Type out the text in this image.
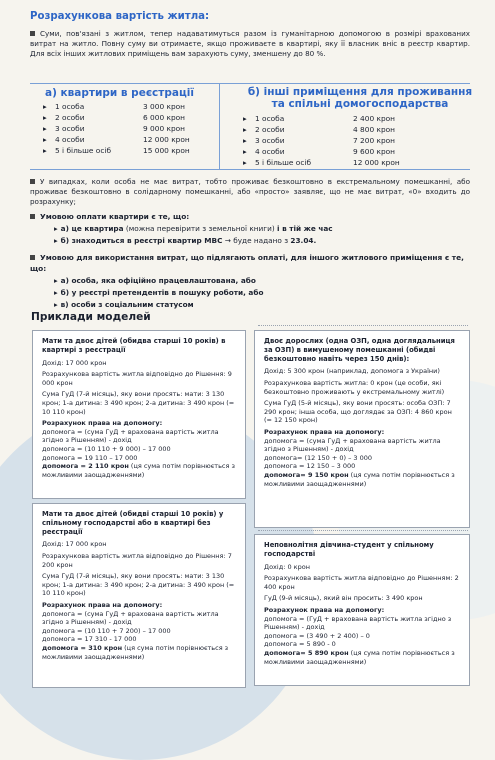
Розрахункова вартість житла:
Суми, пов'язані з житлом, тепер надаватимуться разом із гуманітарною допомогою в розмірі врахованих витрат на житло. Повну суму ви отримаєте, якщо проживаєте в квартирі, яку її власник вніс в реєстр квартир. Для всіх інших житлових приміщень вам зарахують суму, зменшену до 80 %.
а) квартири в реєстрації	б) інші приміщення для проживання та спільні домогосподарства
▸	1 особа	3 000 крон
▸	2 особи	6 000 крон
▸	3 особи	9 000 крон
▸	4 особи	12 000 крон
▸	5 і більше осіб	15 000 крон
▸	1 особа	2 400 крон
▸	2 особи	4 800 крон
▸	3 особи	7 200 крон
▸	4 особи	9 600 крон
▸	5 і більше осіб	12 000 крон
У випадках, коли особа не має витрат, тобто проживає безкоштовно в екстремальному помешканні, або проживає безкоштовно в солідарному помешканні, або «просто» заявляє, що не має витрат, «0» входить до розрахунку;
Умовою оплати квартири є те, що:
▸ а) це квартира (можна перевірити з земельної книги) і в тій же час
▸ б) знаходиться в реєстрі квартир МВС → буде надано з 23.04.
Умовою для використання витрат, що підлягають оплаті, для іншого житлового приміщення є те, що:
▸ а) особа, яка офіційно працевлаштована, або
▸ б) у реєстрі претендентів в пошуку роботи, або
▸ в) особи з соціальним статусом
Приклади моделей
Мати та двоє дітей (обидва старші 10 років) в квартирі з реєстрації
Дохід: 17 000 крон
Розрахункова вартість житла відповідно до Рішення: 9 000 крон
Сума ГуД (7-й місяць), яку вони просять: мати: 3 130 крон; 1-а дитина: 3 490 крон; 2-а дитина: 3 490 крон (= 10 110 крон)
Розрахунок права на допомогу:
допомога = (сума ГуД + врахована вартість житла згідно з Рішенням) - дохід
допомога = (10 110 + 9 000) – 17 000
допомога = 19 110 – 17 000
допомога = 2 110 крон (ця сума потім порівнюється з можливими заощадженнями)
Мати та двоє дітей (обидві старші 10 років) у спільному господарстві або в квартирі без реєстрації
Дохід: 17 000 крон
Розрахункова вартість житла відповідно до Рішення: 7 200 крон
Сума ГуД (7-й місяць), яку вони просять: мати: 3 130 крон; 1-а дитина: 3 490 крон; 2-а дитина: 3 490 крон (= 10 110 крон)
Розрахунок права на допомогу:
допомога = (сума ГуД + врахована вартість житла згідно з Рішенням) - дохід
допомога = (10 110 + 7 200) – 17 000
допомога = 17 310 - 17 000
допомога = 310 крон (ця сума потім порівнюється з можливими заощадженнями)
Двоє дорослих (одна ОЗП, одна доглядальниця за ОЗП) в вимушеному помешканні (обидві безкоштовно навіть через 150 днів):
Дохід: 5 300 крон (наприклад, допомога з України)
Розрахункова вартість житла: 0 крон (це особи, які безкоштовно проживають у екстремальному житлі)
Сума ГуД (5-й місяць), яку вони просять: особа ОЗП: 7 290 крон; інша особа, що доглядає за ОЗП: 4 860 крон (= 12 150 крон)
Розрахунок права на допомогу:
допомога = (сума ГуД + врахована вартість житла згідно з Рішенням) - дохід
допомога= (12 150 + 0) – 3 000
допомога = 12 150 – 3 000
допомога= 9 150 крон (ця сума потім порівнюється з можливими заощадженнями)
Неповнолітня дівчина-студент у спільному господарстві
Дохід: 0 крон
Розрахункова вартість житла відповідно до Рішенням: 2 400 крон
ГуД (9-й місяць), який він просить: 3 490 крон
Розрахунок права на допомогу:
допомога = (ГуД + врахована вартість житла згідно з Рішенням) - дохід
допомога = (3 490 + 2 400) – 0
допомога = 5 890 - 0
допомога= 5 890 крон (ця сума потім порівнюється з можливими заощадженнями)
